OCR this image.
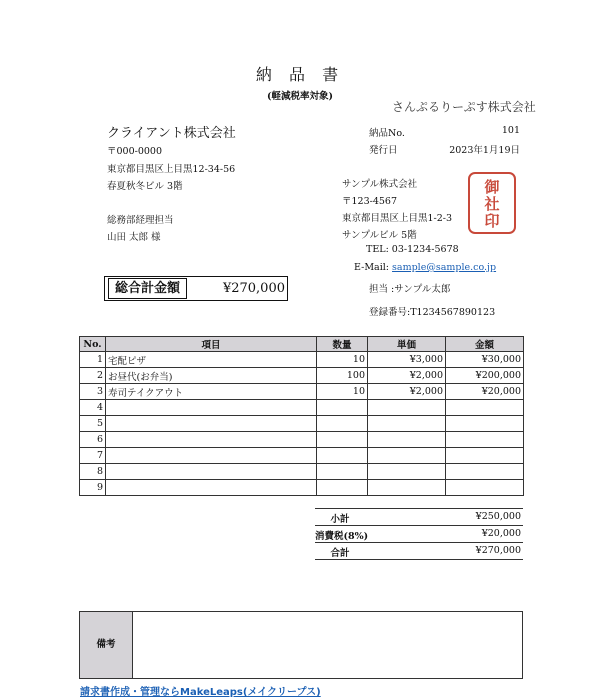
納 品 書
(軽減税率対象)
さんぷるりーぷす株式会社
クライアント株式会社
〒000-0000
東京都目黒区上目黒12-34-56
春夏秋冬ビル 3階
総務部経理担当
山田 太郎 様
納品No.	101
発行日	2023年1月19日
サンプル株式会社
〒123-4567
東京都目黒区上目黒1-2-3
サンプルビル 5階
TEL: 03-1234-5678
E-Mail: sample@sample.co.jp
担当 :サンプル太郎
登録番号:T1234567890123
御
社
印
総合計金額	¥270,000
No.	項目	数量	単価	金額
1	宅配ピザ	10	¥3,000	¥30,000
2	お昼代(お弁当)	100	¥2,000	¥200,000
3	寿司テイクアウト	10	¥2,000	¥20,000
4				
5				
6				
7				
8				
9				
小計	¥250,000
消費税(8%)	¥20,000
合計	¥270,000
備考
請求書作成・管理ならMakeLeaps(メイクリープス)
